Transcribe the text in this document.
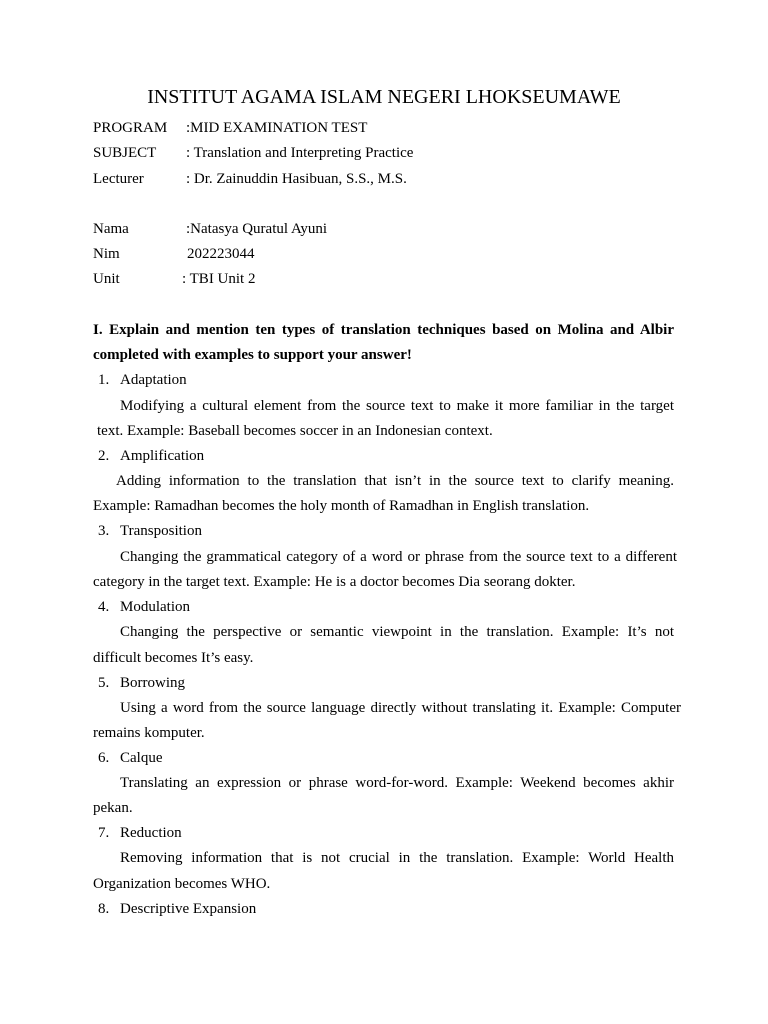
INSTITUT AGAMA ISLAM NEGERI LHOKSEUMAWE
PROGRAM :MID EXAMINATION TEST
SUBJECT : Translation and Interpreting Practice
Lecturer	: Dr. Zainuddin Hasibuan, S.S., M.S.
Nama	:Natasya Quratul Ayuni
Nim	202223044
Unit	: TBI Unit 2
I. Explain and mention ten types of translation techniques based on Molina and Albir
completed with examples to support your answer!
1. Adaptation
Modifying a cultural element from the source text to make it more familiar in the target
text. Example: Baseball becomes soccer in an Indonesian context.
2. Amplification
Adding information to the translation that isn’t in the source text to clarify meaning.
Example: Ramadhan becomes the holy month of Ramadhan in English translation.
3. Transposition
Changing the grammatical category of a word or phrase from the source text to a different
category in the target text. Example: He is a doctor becomes Dia seorang dokter.
4. Modulation
Changing the perspective or semantic viewpoint in the translation. Example: It’s not
difficult becomes It’s easy.
5. Borrowing
Using a word from the source language directly without translating it. Example: Computer
remains komputer.
6. Calque
Translating an expression or phrase word-for-word. Example: Weekend becomes akhir
pekan.
7. Reduction
Removing information that is not crucial in the translation. Example: World Health
Organization becomes WHO.
8. Descriptive Expansion
